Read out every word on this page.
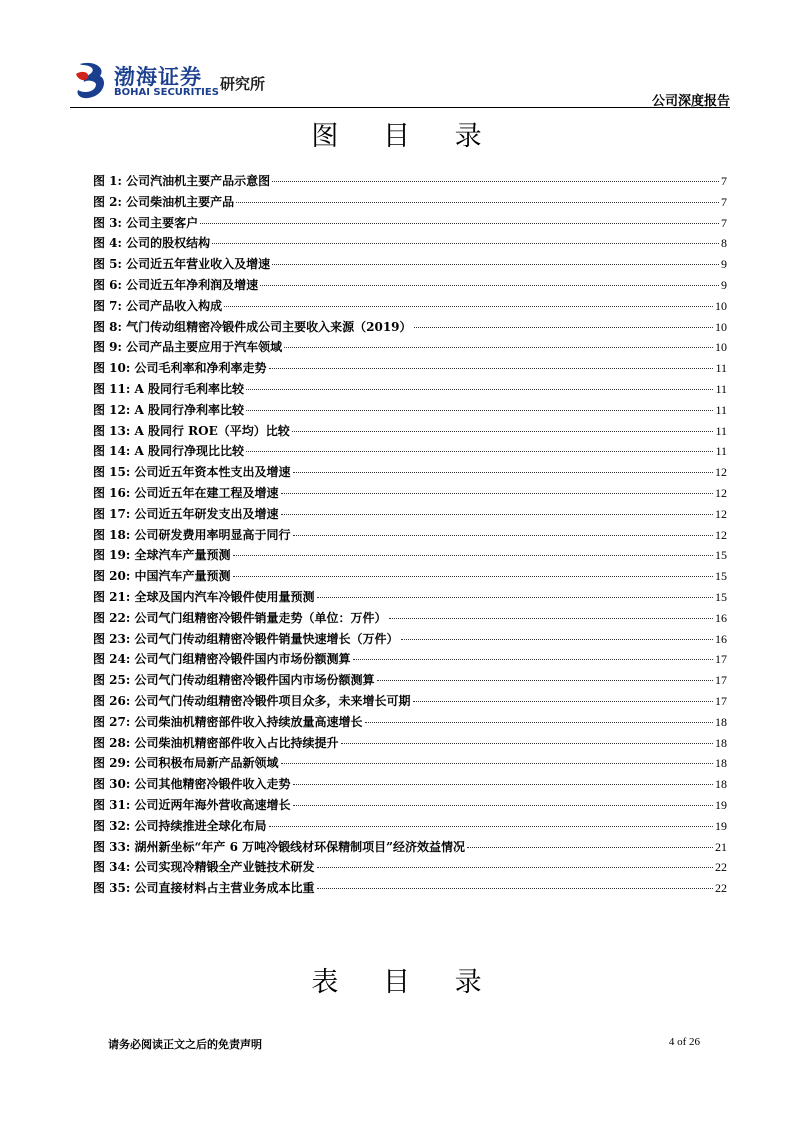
渤海证券
BOHAI SECURITIES 研究所
公司深度报告
图 目 录
图 1: 公司汽油机主要产品示意图	7
图 2: 公司柴油机主要产品	7
图 3: 公司主要客户	7
图 4: 公司的股权结构	8
图 5: 公司近五年营业收入及增速	9
图 6: 公司近五年净利润及增速	9
图 7: 公司产品收入构成	10
图 8: 气门传动组精密冷锻件成公司主要收入来源（2019）	10
图 9: 公司产品主要应用于汽车领域	10
图 10: 公司毛利率和净利率走势	11
图 11: A 股同行毛利率比较	11
图 12: A 股同行净利率比较	11
图 13: A 股同行 ROE（平均）比较	11
图 14: A 股同行净现比比较	11
图 15: 公司近五年资本性支出及增速	12
图 16: 公司近五年在建工程及增速	12
图 17: 公司近五年研发支出及增速	12
图 18: 公司研发费用率明显高于同行	12
图 19: 全球汽车产量预测	15
图 20: 中国汽车产量预测	15
图 21: 全球及国内汽车冷锻件使用量预测	15
图 22: 公司气门组精密冷锻件销量走势（单位：万件）	16
图 23: 公司气门传动组精密冷锻件销量快速增长（万件）	16
图 24: 公司气门组精密冷锻件国内市场份额测算	17
图 25: 公司气门传动组精密冷锻件国内市场份额测算	17
图 26: 公司气门传动组精密冷锻件项目众多，未来增长可期	17
图 27: 公司柴油机精密部件收入持续放量高速增长	18
图 28: 公司柴油机精密部件收入占比持续提升	18
图 29: 公司积极布局新产品新领域	18
图 30: 公司其他精密冷锻件收入走势	18
图 31: 公司近两年海外营收高速增长	19
图 32: 公司持续推进全球化布局	19
图 33: 湖州新坐标“年产 6 万吨冷锻线材环保精制项目”经济效益情况	21
图 34: 公司实现冷精锻全产业链技术研发	22
图 35: 公司直接材料占主营业务成本比重	22
表 目 录
请务必阅读正文之后的免责声明	4 of 26
